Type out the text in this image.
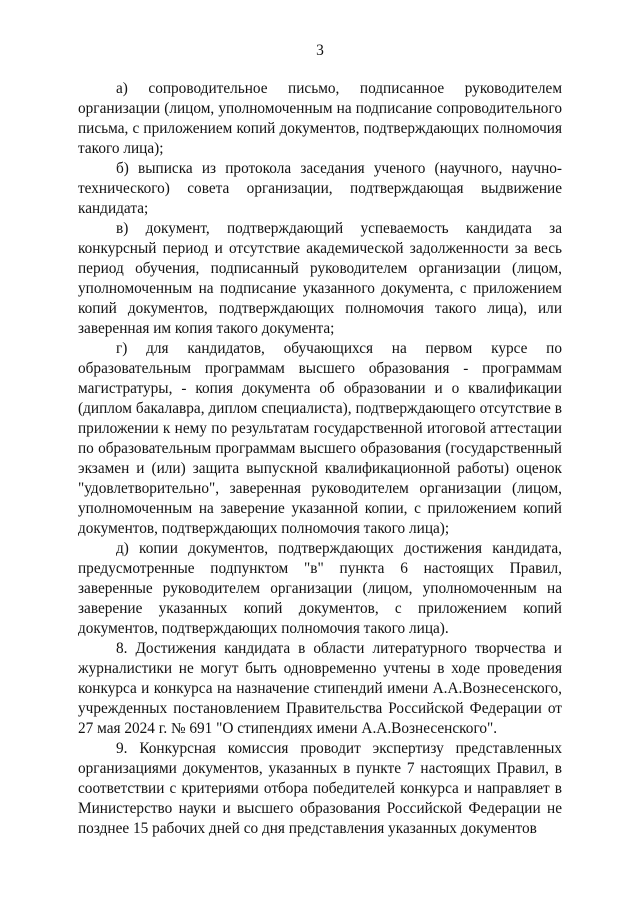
3

а) сопроводительное письмо, подписанное руководителем организации (лицом, уполномоченным на подписание сопроводительного письма, с приложением копий документов, подтверждающих полномочия такого лица);

б) выписка из протокола заседания ученого (научного, научно-технического) совета организации, подтверждающая выдвижение кандидата;

в) документ, подтверждающий успеваемость кандидата за конкурсный период и отсутствие академической задолженности за весь период обучения, подписанный руководителем организации (лицом, уполномоченным на подписание указанного документа, с приложением копий документов, подтверждающих полномочия такого лица), или заверенная им копия такого документа;

г) для кандидатов, обучающихся на первом курсе по образовательным программам высшего образования - программам магистратуры, - копия документа об образовании и о квалификации (диплом бакалавра, диплом специалиста), подтверждающего отсутствие в приложении к нему по результатам государственной итоговой аттестации по образовательным программам высшего образования (государственный экзамен и (или) защита выпускной квалификационной работы) оценок "удовлетворительно", заверенная руководителем организации (лицом, уполномоченным на заверение указанной копии, с приложением копий документов, подтверждающих полномочия такого лица);

д) копии документов, подтверждающих достижения кандидата, предусмотренные подпунктом "в" пункта 6 настоящих Правил, заверенные руководителем организации (лицом, уполномоченным на заверение указанных копий документов, с приложением копий документов, подтверждающих полномочия такого лица).

8. Достижения кандидата в области литературного творчества и журналистики не могут быть одновременно учтены в ходе проведения конкурса и конкурса на назначение стипендий имени А.А.Вознесенского, учрежденных постановлением Правительства Российской Федерации от 27 мая 2024 г. № 691 "О стипендиях имени А.А.Вознесенского".

9. Конкурсная комиссия проводит экспертизу представленных организациями документов, указанных в пункте 7 настоящих Правил, в соответствии с критериями отбора победителей конкурса и направляет в Министерство науки и высшего образования Российской Федерации не позднее 15 рабочих дней со дня представления указанных документов
